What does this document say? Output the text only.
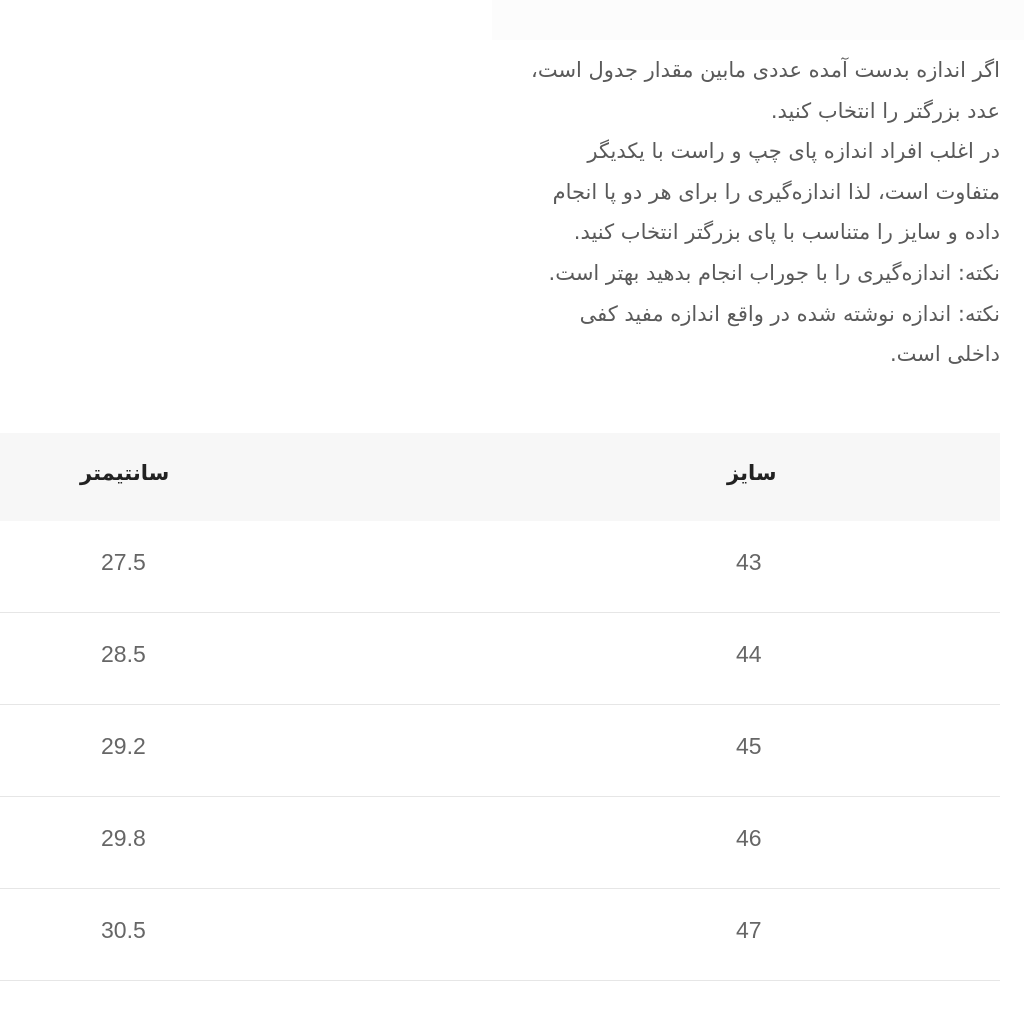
اگر اندازه بدست آمده عددی مابین مقدار جدول است،
عدد بزرگتر را انتخاب کنید.
در اغلب افراد اندازه پای چپ و راست با یکدیگر
متفاوت است، لذا اندازه‌گیری را برای هر دو پا انجام
داده و سایز را متناسب با پای بزرگتر انتخاب کنید.
نکته: اندازه‌گیری را با جوراب انجام بدهید بهتر است.
نکته: اندازه نوشته شده در واقع اندازه مفید کفی
داخلی است.
سانتیمتر	سایز
27.5	43
28.5	44
29.2	45
29.8	46
30.5	47
